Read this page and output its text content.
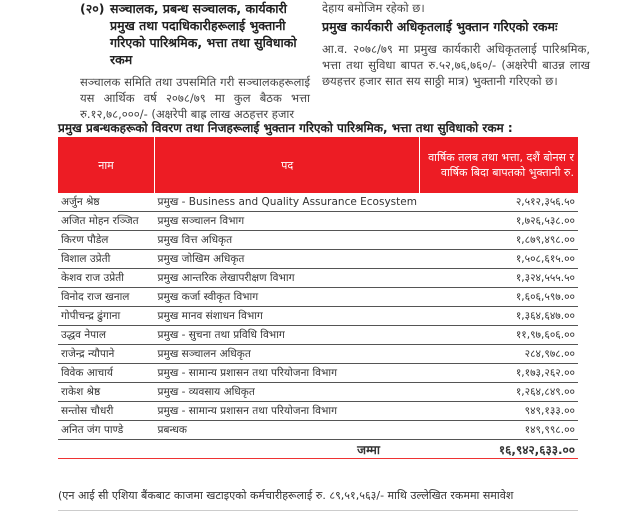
(२०) सञ्चालक, प्रबन्ध सञ्चालक, कार्यकारी प्रमुख तथा पदाधिकारीहरूलाई भुक्तानी गरिएको पारिश्रमिक, भत्ता तथा सुविधाको रकम
सञ्चालक समिति तथा उपसमिति गरी सञ्चालकहरूलाई यस आर्थिक वर्ष २०७८/७९ मा कुल बैठक भत्ता रु.१२,७८,०००/- (अक्षरेपी बाह्र लाख अठहत्तर हजार
देहाय बमोजिम रहेको छ।
प्रमुख कार्यकारी अधिकृतलाई भुक्तान गरिएको रकमः
आ.व. २०७८/७९ मा प्रमुख कार्यकारी अधिकृतलाई पारिश्रमिक, भत्ता तथा सुविधा बापत रु.५२,७६,७६०/- (अक्षरेपी बाउन्न लाख छयहत्तर हजार सात सय साठ्ठी मात्र) भुक्तानी गरिएको छ।
प्रमुख प्रबन्धकहरूको विवरण तथा निजहरूलाई भुक्तान गरिएको पारिश्रमिक, भत्ता तथा सुविधाको रकम :
नाम	पद	वार्षिक तलब तथा भत्ता, दशैं बोनस र वार्षिक बिदा बापतको भुक्तानी रु.
अर्जुन श्रेष्ठ	प्रमुख - Business and Quality Assurance Ecosystem	२,५१२,३५६.५०
अजित मोहन रञ्जित	प्रमुख सञ्चालन विभाग	१,७२६,५३८.००
किरण पौडेल	प्रमुख वित्त अधिकृत	१,८७९,४९८.००
विशाल उप्रेती	प्रमुख जोखिम अधिकृत	१,५०८,६१५.००
केशव राज उप्रेती	प्रमुख आन्तरिक लेखापरीक्षण विभाग	१,३२४,५५५.५०
विनोद राज खनाल	प्रमुख कर्जा स्वीकृत विभाग	१,६०६,५९७.००
गोपीचन्द्र ढुंगाना	प्रमुख मानव संशाधन विभाग	१,३६४,६४७.००
उद्धव नेपाल	प्रमुख - सुचना तथा प्रविधि विभाग	११,९७,६०६.००
राजेन्द्र न्यौपाने	प्रमुख सञ्चालन अधिकृत	२८४,९७८.००
विवेक आचार्य	प्रमुख - सामान्य प्रशासन तथा परियोजना विभाग	१,१७३,२६२.००
राकेश श्रेष्ठ	प्रमुख - व्यवसाय अधिकृत	१,२६४,८४९.००
सन्तोस चौधरी	प्रमुख - सामान्य प्रशासन तथा परियोजना विभाग	९४९,१३३.००
अनित जंग पाण्डे	प्रबन्धक	१४९,९९८.००
	जम्मा	१६,९४२,६३३.००
(एन आई सी एशिया बैंकबाट काजमा खटाइएको कर्मचारीहरूलाई रु. ८९,५१,५६३/- माथि उल्लेखित रकममा समावेश
